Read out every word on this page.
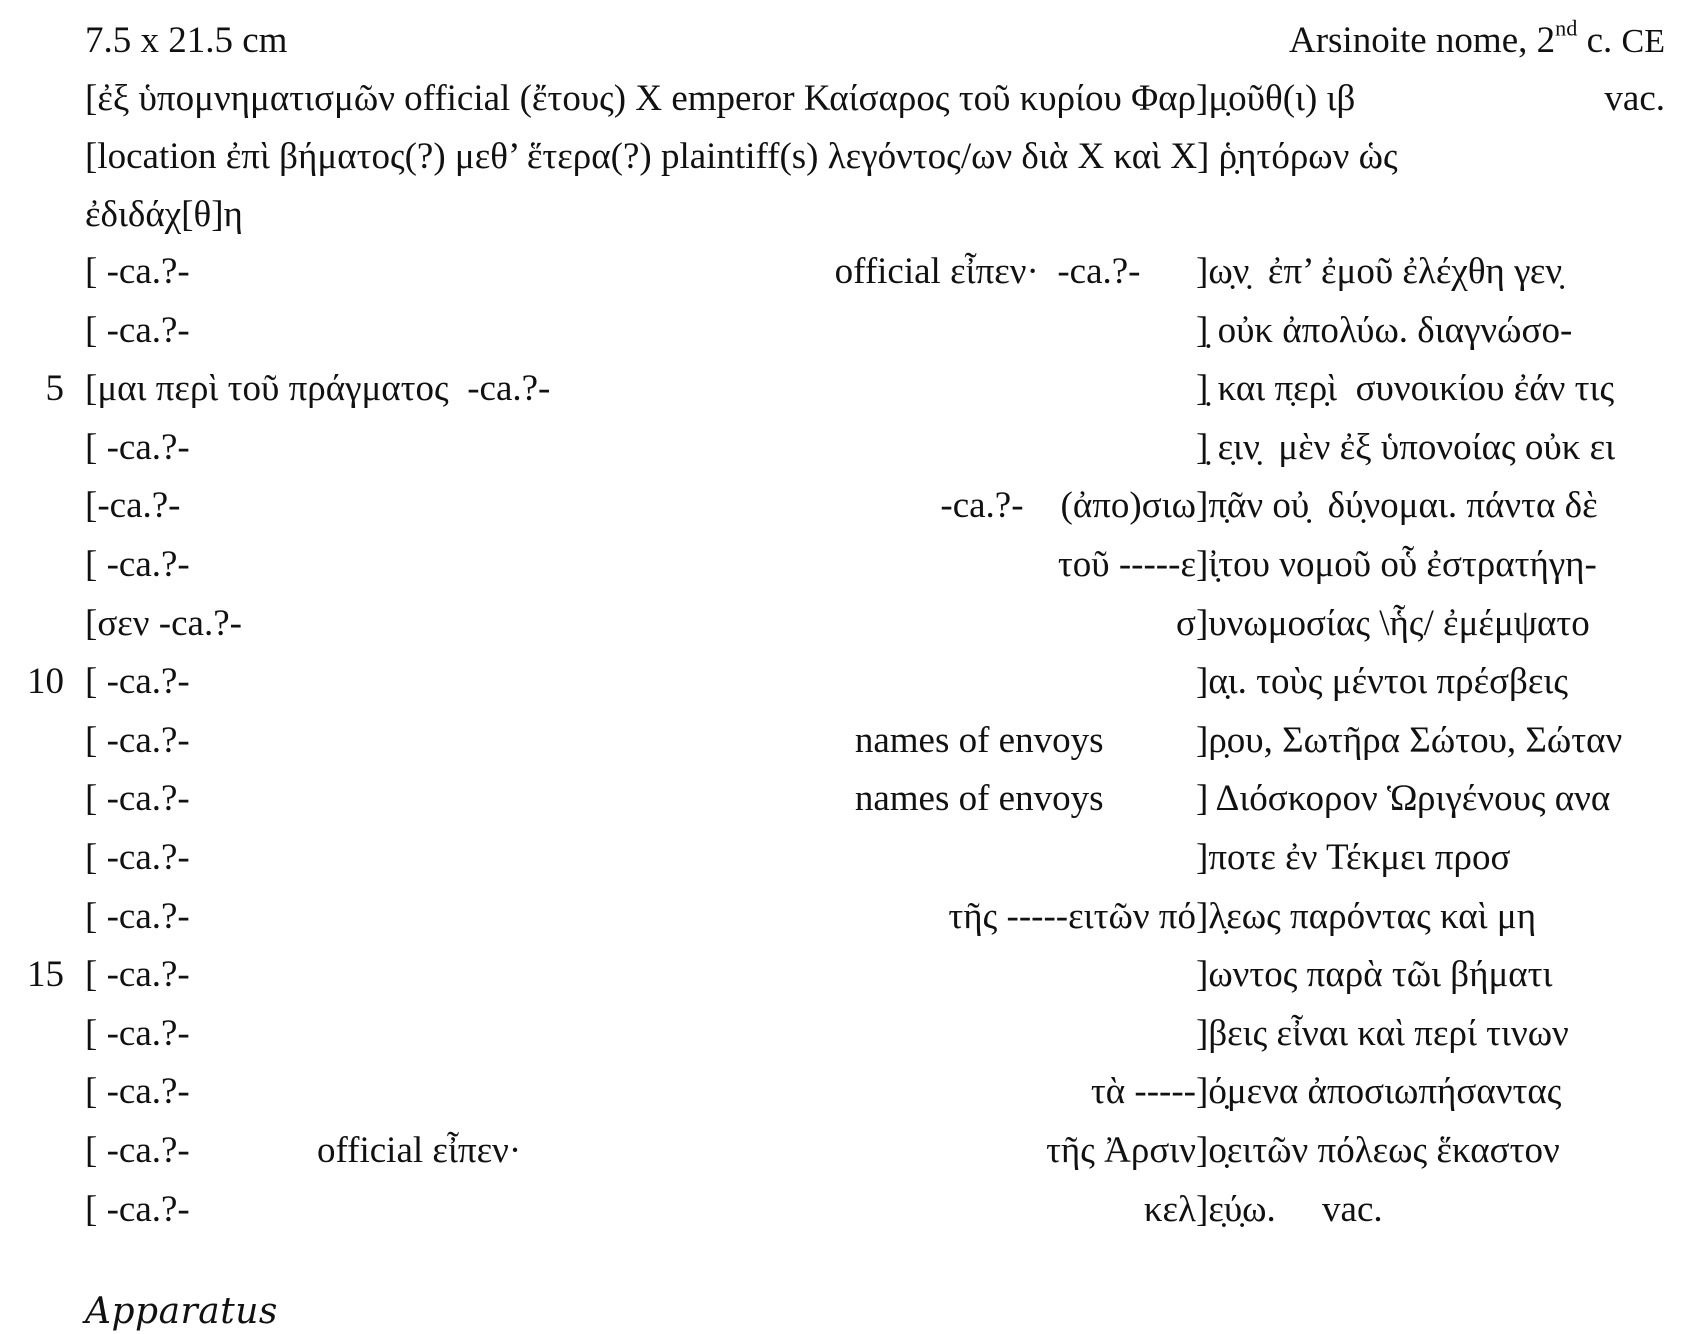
7.5 x 21.5 cm

	Arsinoite nome, 2nd c. CE

[ἐξ ὑπομνηματισμῶν official (ἔτους) X emperor Καίσαρος τοῦ κυρίου Φαρ]μ̣οῦθ(ι) ιβ

	vac.

[location ἐπὶ βήματος(?) μεθ’ ἕτερα(?) plaintiff(s) λεγόντος/ων διὰ X καὶ X] ῥ̣ητόρων ὡς

ἐδιδάχ[θ]η

[ -ca.?-	official εἶπεν·  -ca.?- ]ω̣ν̣  ἐπ’ ἐμοῦ ἐλέχθη γεν̣
[ -ca.?-	]̣ οὐκ ἀπολύω. διαγνώσο-
5 [μαι περὶ τοῦ πράγματος  -ca.?-	]̣ και π̣ερ̣ὶ  συνοικίου ἐάν τις
[ -ca.?-	]̣ ε̣ιν̣  μὲν ἐξ ὑπονοίας οὐκ ει
[-ca.?-	-ca.?-    (ἀπο)σιω ]π̣ᾶν οὐ̣  δύ̣νομαι. πάντα δὲ
[ -ca.?-	τοῦ -----ε ]ἰ̣του νομοῦ οὗ ἐστρατήγη-
[σεν -ca.?-	σ ]υνωμοσίας \ἧς/ ἐμέμψατο
10 [ -ca.?-	]α̣ι. τοὺς μέντοι πρέσβεις
[ -ca.?-	names of envoys ]ρ̣ου, Σωτῆρα Σώτου, Σώταν
[ -ca.?-	names of envoys ] Διόσκορον Ὡριγένους ανα
[ -ca.?-	]ποτε ἐν Τέκμει προσ
[ -ca.?-	τῆς -----ειτῶν πό ]λ̣εως παρόντας καὶ μη
15 [ -ca.?-	]ωντος παρὰ τῶι βήματι
[ -ca.?-	]βεις εἶναι καὶ περί τινων
[ -ca.?-	τὰ ----- ]ό̣μενα ἀποσιωπήσαντας
[ -ca.?-	official εἶπεν·	τῆς Ἀρσιν ]ο̣ειτῶν πόλεως ἕκαστον
[ -ca.?-	κελ ]ε̣ύ̣ω.     vac.
Apparatus
